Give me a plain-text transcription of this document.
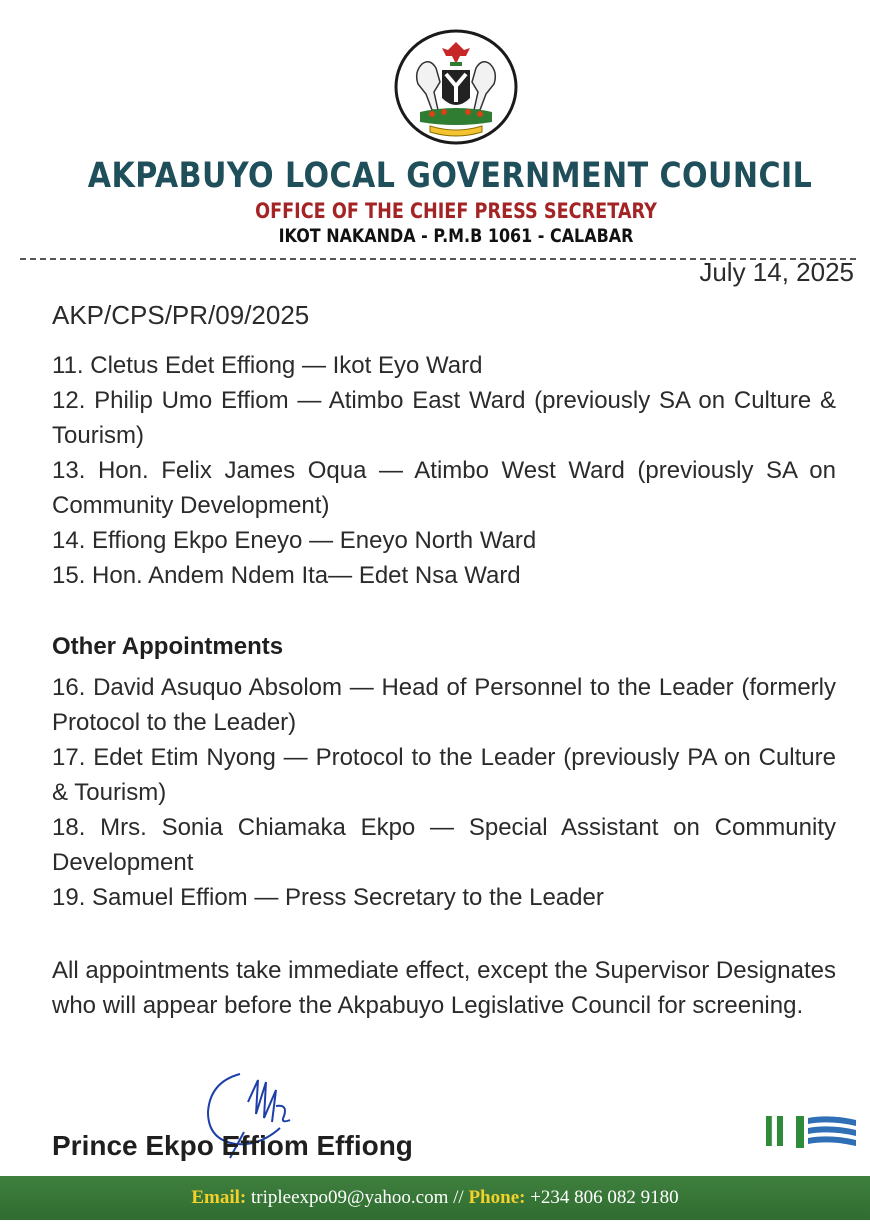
AKPABUYO LOCAL GOVERNMENT COUNCIL
OFFICE OF THE CHIEF PRESS SECRETARY
IKOT NAKANDA - P.M.B 1061 - CALABAR
July 14, 2025
AKP/CPS/PR/09/2025
11. Cletus Edet Effiong — Ikot Eyo Ward
12. Philip Umo Effiom — Atimbo East Ward (previously SA on Culture & Tourism)
13. Hon. Felix James Oqua — Atimbo West Ward (previously SA on Community Development)
14. Effiong Ekpo Eneyo — Eneyo North Ward
15. Hon. Andem Ndem Ita— Edet Nsa Ward
Other Appointments
16. David Asuquo Absolom — Head of Personnel to the Leader (formerly Protocol to the Leader)
17. Edet Etim Nyong — Protocol to the Leader (previously PA on Culture & Tourism)
18. Mrs. Sonia Chiamaka Ekpo — Special Assistant on Community Development
19. Samuel Effiom — Press Secretary to the Leader
All appointments take immediate effect, except the Supervisor Designates who will appear before the Akpabuyo Legislative Council for screening.
Prince Ekpo Effiom Effiong
Email: tripleexpo09@yahoo.com // Phone: +234 806 082 9180
